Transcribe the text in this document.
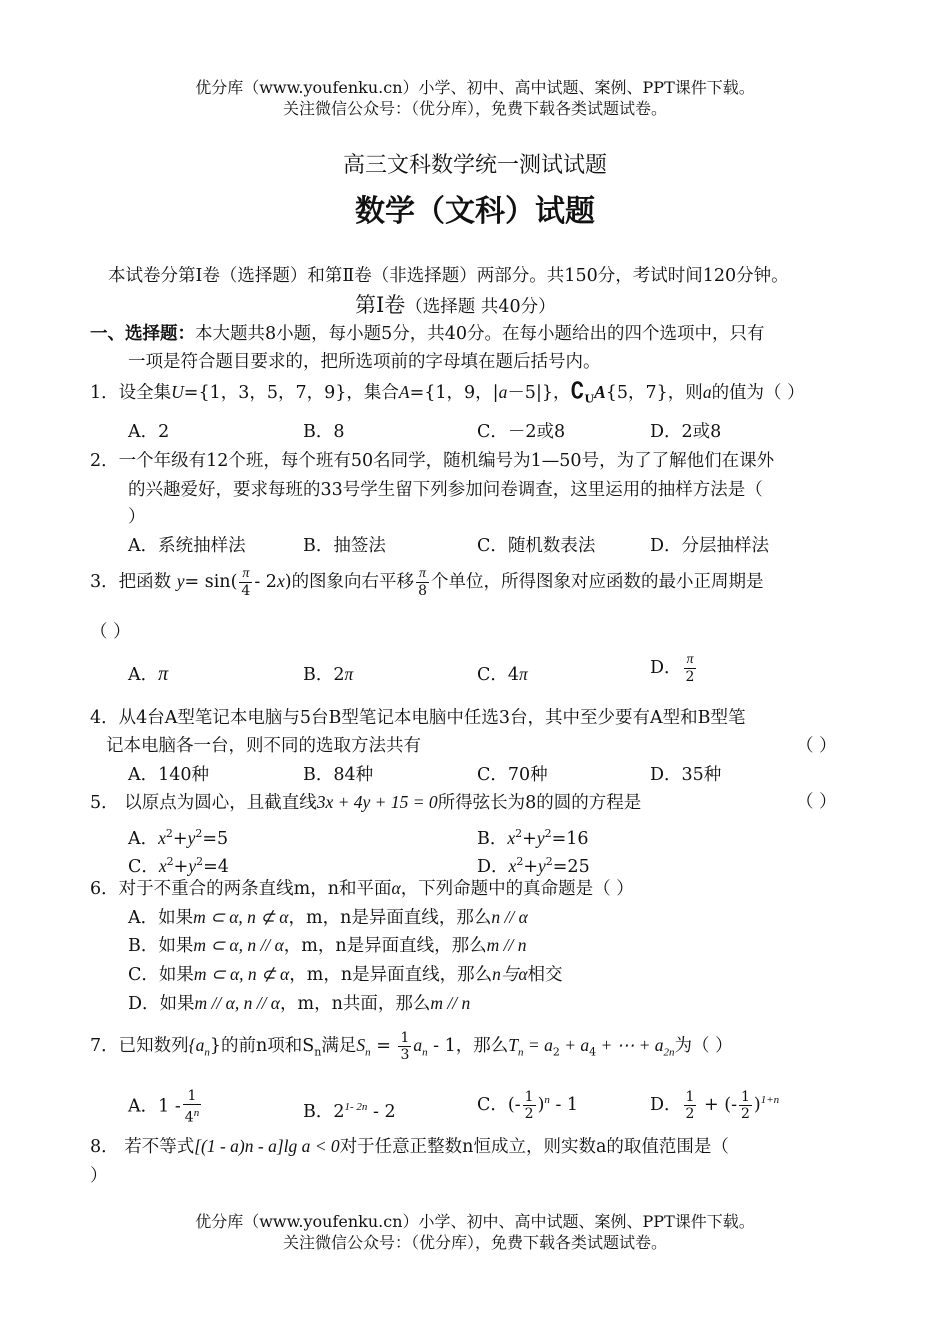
优分库（www.youfenku.cn）小学、初中、高中试题、案例、PPT课件下载。
关注微信公众号：（优分库），免费下载各类试题试卷。
高三文科数学统一测试试题
数学（文科）试题
本试卷分第Ⅰ卷（选择题）和第Ⅱ卷（非选择题）两部分。共150分，考试时间120分钟。
第Ⅰ卷（选择题 共40分）
一、选择题：本大题共8小题，每小题5分，共40分。在每小题给出的四个选项中，只有
一项是符合题目要求的，把所选项前的字母填在题后括号内。
1．设全集U={1，3，5，7，9}，集合A={1，9，|a－5|}，$∁_UA\{5$，7}，则a的值为（ ）
A．2	B．8	C．－2或8	D．2或8
2．一个年级有12个班，每个班有50名同学，随机编号为1—50号，为了了解他们在课外
的兴趣爱好，要求每班的33号学生留下列参加问卷调查，这里运用的抽样方法是（
）
A．系统抽样法	B．抽签法	C．随机数表法	D．分层抽样法
3．把函数 $y= \sin( \frac{\pi}{4} - 2x)$的图象向右平移 $\frac{\pi}{8}$ 个单位，所得图象对应函数的最小正周期是
（ ）
A．π	B．2π	C．4π	D． $\frac{\pi}{2}$
4．从4台A型笔记本电脑与5台B型笔记本电脑中任选3台，其中至少要有A型和B型笔
记本电脑各一台，则不同的选取方法共有	（ ）
A．140种	B．84种	C．70种	D．35种
5． 以原点为圆心，且截直线3x + 4y + 15 = 0所得弦长为8的圆的方程是	（ ）
A．$x^2+y^2=5$	B．$x^2+y^2=16$
C．$x^2+y^2=4$	D．$x^2+y^2=25$
6．对于不重合的两条直线m，n和平面α，下列命题中的真命题是（ ）
A．如果m ⊂ α, n ⊄ α，m，n是异面直线，那么n // α
B．如果m ⊂ α, n // α，m，n是异面直线，那么m // n
C．如果m ⊂ α, n ⊄ α，m，n是异面直线，那么n与α相交
D．如果m // α, n // α，m，n共面，那么m // n
7．已知数列$\{a_n\}$的前n项和$S_n$满足$S_n = \frac{1}{3} a_n - 1$，那么$T_n = a_2 + a_4$ + ⋯ + $a_{2n}$为（ ）
A．$1 - \frac{1}{4^n}$	B．$2^{1- 2n} - 2$	C．(- $\frac{1}{2} )^n - 1$	D． $\frac{1}{2}$ + (- $\frac{1}{2} )^{1+n}$
8． 若不等式[(1 - a)n - a]lg a < 0对于任意正整数n恒成立，则实数a的取值范围是（
）
优分库（www.youfenku.cn）小学、初中、高中试题、案例、PPT课件下载。
关注微信公众号：（优分库），免费下载各类试题试卷。
